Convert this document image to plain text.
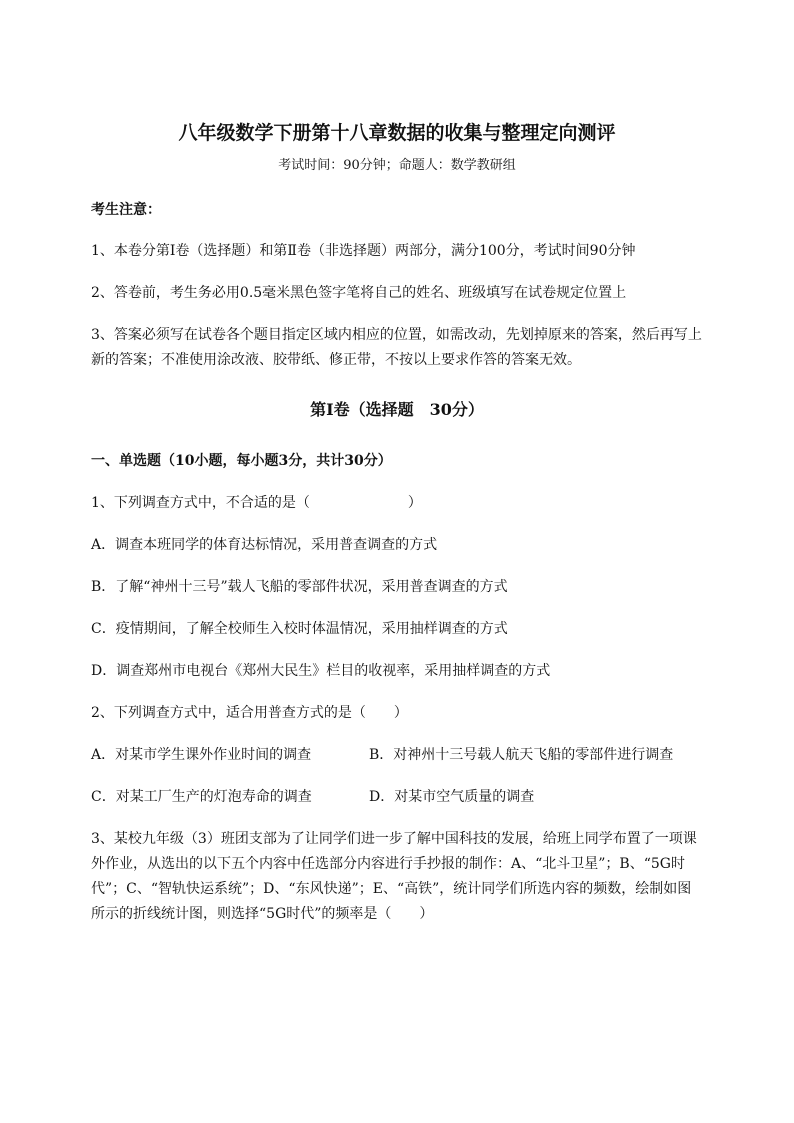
八年级数学下册第十八章数据的收集与整理定向测评
考试时间：90分钟；命题人：数学教研组
考生注意：
1、本卷分第I卷（选择题）和第Ⅱ卷（非选择题）两部分，满分100分，考试时间90分钟
2、答卷前，考生务必用0.5毫米黑色签字笔将自己的姓名、班级填写在试卷规定位置上
3、答案必须写在试卷各个题目指定区域内相应的位置，如需改动，先划掉原来的答案，然后再写上新的答案；不准使用涂改液、胶带纸、修正带，不按以上要求作答的答案无效。
第I卷（选择题　30分）
一、单选题（10小题，每小题3分，共计30分）
1、下列调查方式中，不合适的是（　　　　　　　）
A．调查本班同学的体育达标情况，采用普查调查的方式
B．了解“神州十三号”载人飞船的零部件状况，采用普查调查的方式
C．疫情期间，了解全校师生入校时体温情况，采用抽样调查的方式
D．调查郑州市电视台《郑州大民生》栏目的收视率，采用抽样调查的方式
2、下列调查方式中，适合用普查方式的是（　　）
A．对某市学生课外作业时间的调查	B．对神州十三号载人航天飞船的零部件进行调查
C．对某工厂生产的灯泡寿命的调查	D．对某市空气质量的调查
3、某校九年级（3）班团支部为了让同学们进一步了解中国科技的发展，给班上同学布置了一项课外作业，从选出的以下五个内容中任选部分内容进行手抄报的制作：A、“北斗卫星”；B、“5G时代”；C、“智轨快运系统”；D、“东风快递”；E、“高铁”，统计同学们所选内容的频数，绘制如图所示的折线统计图，则选择“5G时代”的频率是（　　）
